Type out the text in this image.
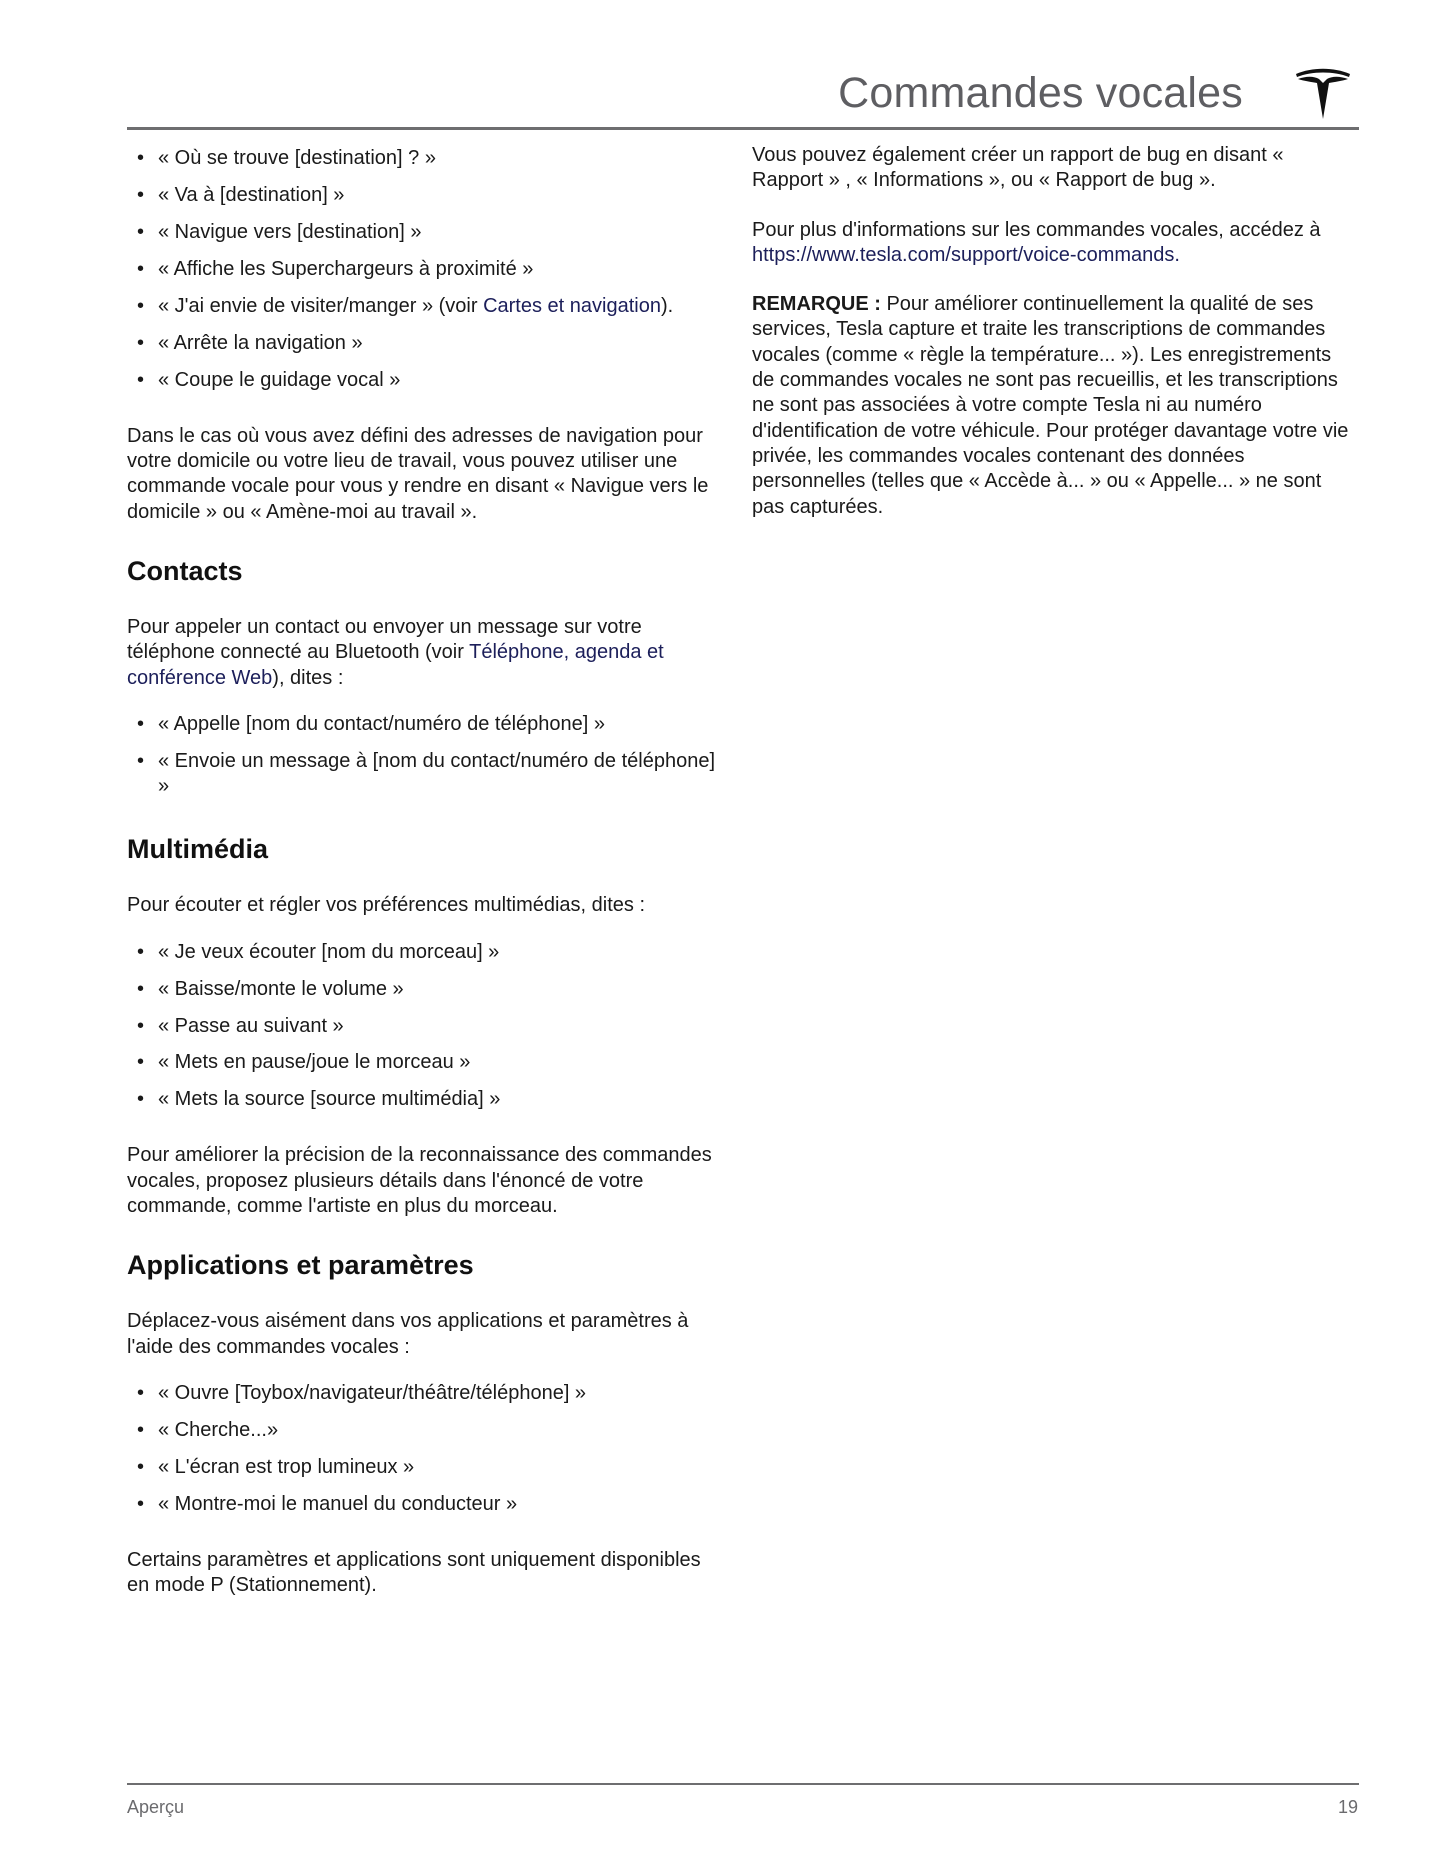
Commandes vocales
• « Où se trouve [destination] ? »
• « Va à [destination] »
• « Navigue vers [destination] »
• « Affiche les Superchargeurs à proximité »
• « J'ai envie de visiter/manger » (voir Cartes et navigation).
• « Arrête la navigation »
• « Coupe le guidage vocal »

Dans le cas où vous avez défini des adresses de navigation pour votre domicile ou votre lieu de travail, vous pouvez utiliser une commande vocale pour vous y rendre en disant « Navigue vers le domicile » ou « Amène-moi au travail ».

Contacts

Pour appeler un contact ou envoyer un message sur votre téléphone connecté au Bluetooth (voir Téléphone, agenda et conférence Web), dites :

• « Appelle [nom du contact/numéro de téléphone] »
• « Envoie un message à [nom du contact/numéro de téléphone] »
Multimédia

Pour écouter et régler vos préférences multimédias, dites :

• « Je veux écouter [nom du morceau] »
• « Baisse/monte le volume »
• « Passe au suivant »
• « Mets en pause/joue le morceau »
• « Mets la source [source multimédia] »

Pour améliorer la précision de la reconnaissance des commandes vocales, proposez plusieurs détails dans l'énoncé de votre commande, comme l'artiste en plus du morceau.

Applications et paramètres

Déplacez-vous aisément dans vos applications et paramètres à l'aide des commandes vocales :

• « Ouvre [Toybox/navigateur/théâtre/téléphone] »
• « Cherche...»
• « L'écran est trop lumineux »
• « Montre-moi le manuel du conducteur »

Certains paramètres et applications sont uniquement disponibles en mode P (Stationnement).

Vous pouvez également créer un rapport de bug en disant « Rapport » , « Informations », ou « Rapport de bug ».

Pour plus d'informations sur les commandes vocales, accédez à https://www.tesla.com/support/voice-commands.

REMARQUE : Pour améliorer continuellement la qualité de ses services, Tesla capture et traite les transcriptions de commandes vocales (comme « règle la température... »). Les enregistrements de commandes vocales ne sont pas recueillis, et les transcriptions ne sont pas associées à votre compte Tesla ni au numéro d'identification de votre véhicule. Pour protéger davantage votre vie privée, les commandes vocales contenant des données personnelles (telles que « Accède à... » ou « Appelle... » ne sont pas capturées.

Aperçu	19
